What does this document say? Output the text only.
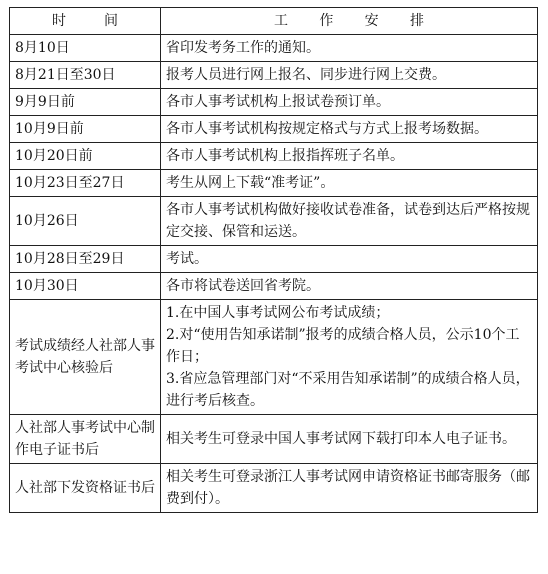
时 间	工 作 安 排

8月10日	省印发考务工作的通知。
8月21日至30日	报考人员进行网上报名、同步进行网上交费。
9月9日前	各市人事考试机构上报试卷预订单。
10月9日前	各市人事考试机构按规定格式与方式上报考场数据。
10月20日前	各市人事考试机构上报指挥班子名单。
10月23日至27日	考生从网上下载“准考证”。
10月26日	各市人事考试机构做好接收试卷准备，试卷到达后严格按规定交接、保管和运送。
10月28日至29日	考试。
10月30日	各市将试卷送回省考院。
考试成绩经人社部人事考试中心核验后	1.在中国人事考试网公布考试成绩；
2.对“使用告知承诺制”报考的成绩合格人员，公示10个工作日；
3.省应急管理部门对“不采用告知承诺制”的成绩合格人员，进行考后核查。

人社部人事考试中心制作电子证书后	相关考生可登录中国人事考试网下载打印本人电子证书。
人社部下发资格证书后	相关考生可登录浙江人事考试网申请资格证书邮寄服务（邮费到付）。
